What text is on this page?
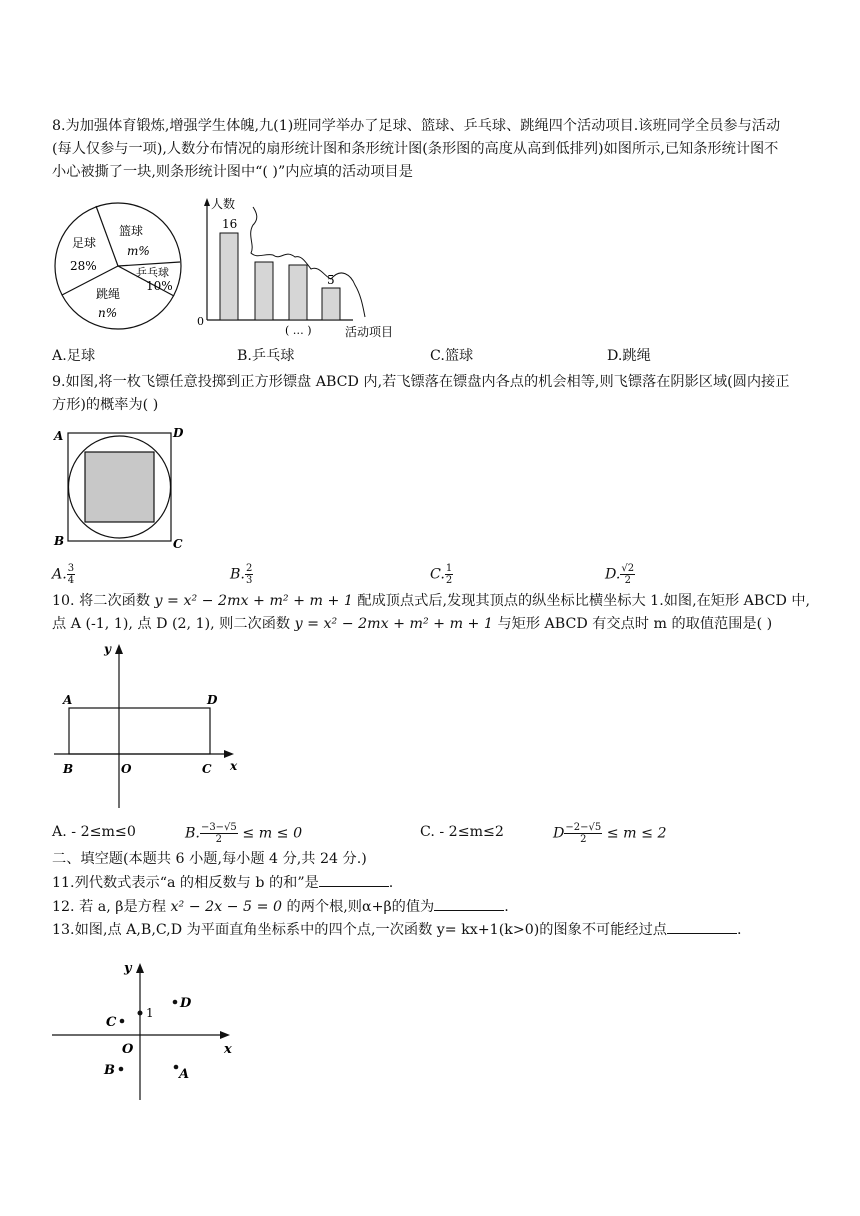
8.为加强体育锻炼,增强学生体魄,九(1)班同学举办了足球、篮球、乒乓球、跳绳四个活动项目.该班同学全员参与活动
(每人仅参与一项),人数分布情况的扇形统计图和条形统计图(条形图的高度从高到低排列)如图所示,已知条形统计图不
小心被撕了一块,则条形统计图中“( )”内应填的活动项目是
足球
28%
篮球
m%
乒乓球
10%
跳绳
n%
人数
0
16
5
( … )	活动项目
A.足球	B.乒乓球	C.篮球	D.跳绳
9.如图,将一枚飞镖任意投掷到正方形镖盘 ABCD 内,若飞镖落在镖盘内各点的机会相等,则飞镖落在阴影区域(圆内接正
方形)的概率为( )
A	D
B	C
A. $\frac{3}{4}$	B. $\frac{2}{3}$	C. $\frac{1}{2}$	D. $\frac{√2}{2}$
10. 将二次函数 y = x² − 2mx + m² + m + 1 配成顶点式后,发现其顶点的纵坐标比横坐标大 1.如图,在矩形 ABCD 中,
点 A (-1, 1), 点 D (2, 1), 则二次函数 y = x² − 2mx + m² + m + 1 与矩形 ABCD 有交点时 m 的取值范围是( )
y
x
A	D
B	O	C
A. - 2≤m≤0	B. $\frac{-3-√5}{2} \le m \le 0$	C. - 2≤m≤2	D $\frac{-2-√5}{2} \le m \le 2$
二、填空题(本题共 6 小题,每小题 4 分,共 24 分.)
11.列代数式表示“a 的相反数与 b 的和”是	.
12. 若 a, β是方程 x² − 2x − 5 = 0 的两个根,则α+β的值为	.
13.如图,点 A,B,C,D 为平面直角坐标系中的四个点,一次函数 y= kx+1(k>0)的图象不可能经过点	.
y
x
O
1
C
D
B	A
